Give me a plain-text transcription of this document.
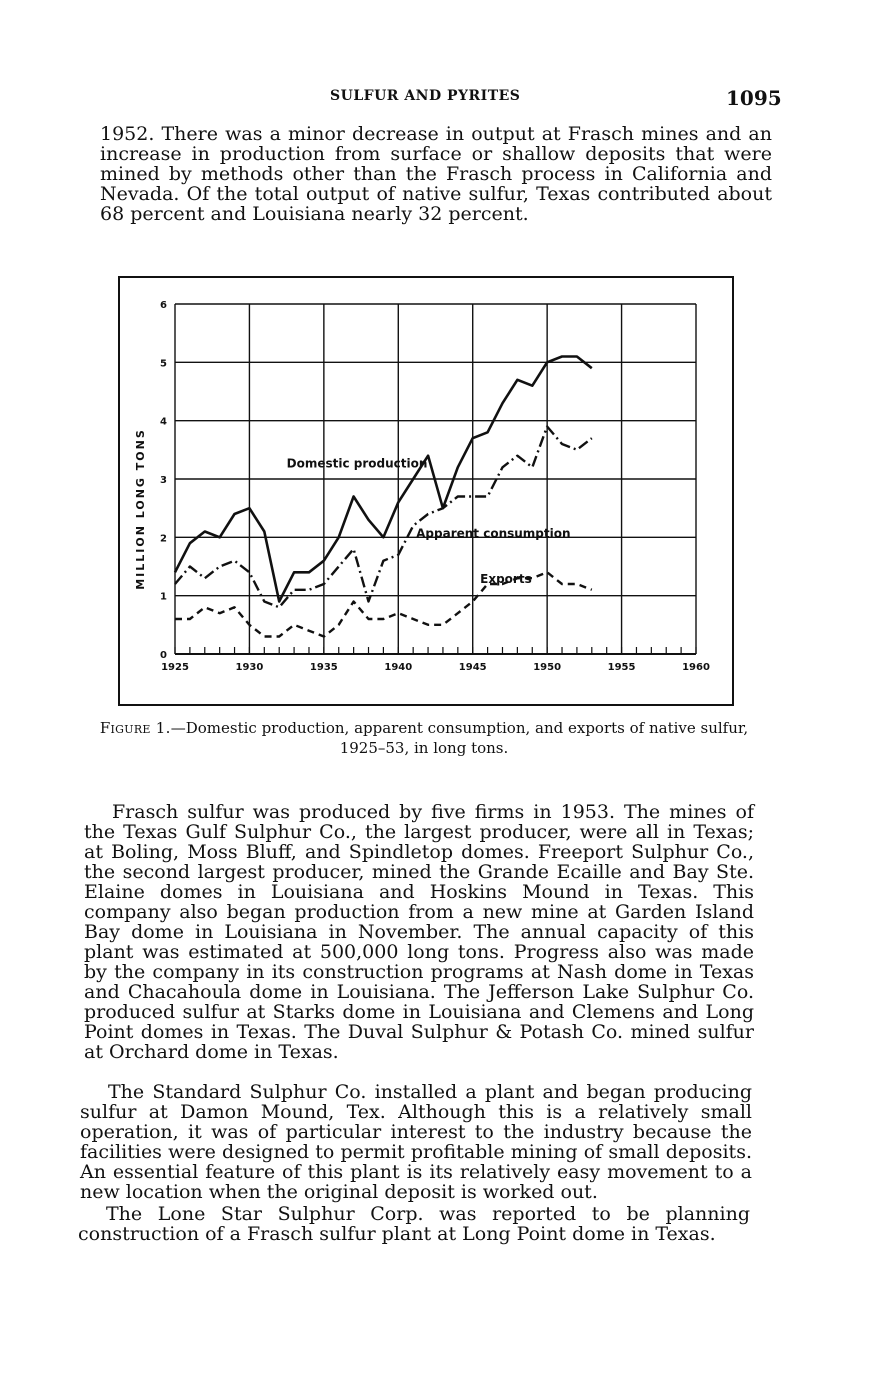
SULFUR AND PYRITES	1095

1952. There was a minor decrease in output at Frasch mines and an increase in production from surface or shallow deposits that were mined by methods other than the Frasch process in California and Nevada. Of the total output of native sulfur, Texas contributed about 68 percent and Louisiana nearly 32 percent.

1925	1930	1935	1940	1945	1950	1955	1960
0
1
2
3
4
5
6
MILLION LONG TONS	Domestic production
Apparent consumption
Exports

Figure 1.—Domestic production, apparent consumption, and exports of native sulfur, 1925–53, in long tons.

Frasch sulfur was produced by five firms in 1953. The mines of the Texas Gulf Sulphur Co., the largest producer, were all in Texas; at Boling, Moss Bluff, and Spindletop domes. Freeport Sulphur Co., the second largest producer, mined the Grande Ecaille and Bay Ste. Elaine domes in Louisiana and Hoskins Mound in Texas. This company also began production from a new mine at Garden Island Bay dome in Louisiana in November. The annual capacity of this plant was estimated at 500,000 long tons. Progress also was made by the company in its construction programs at Nash dome in Texas and Chacahoula dome in Louisiana. The Jefferson Lake Sulphur Co. produced sulfur at Starks dome in Louisiana and Clemens and Long Point domes in Texas. The Duval Sulphur & Potash Co. mined sulfur at Orchard dome in Texas.

The Standard Sulphur Co. installed a plant and began producing sulfur at Damon Mound, Tex. Although this is a relatively small operation, it was of particular interest to the industry because the facilities were designed to permit profitable mining of small deposits. An essential feature of this plant is its relatively easy movement to a new location when the original deposit is worked out.

The Lone Star Sulphur Corp. was reported to be planning construction of a Frasch sulfur plant at Long Point dome in Texas.
